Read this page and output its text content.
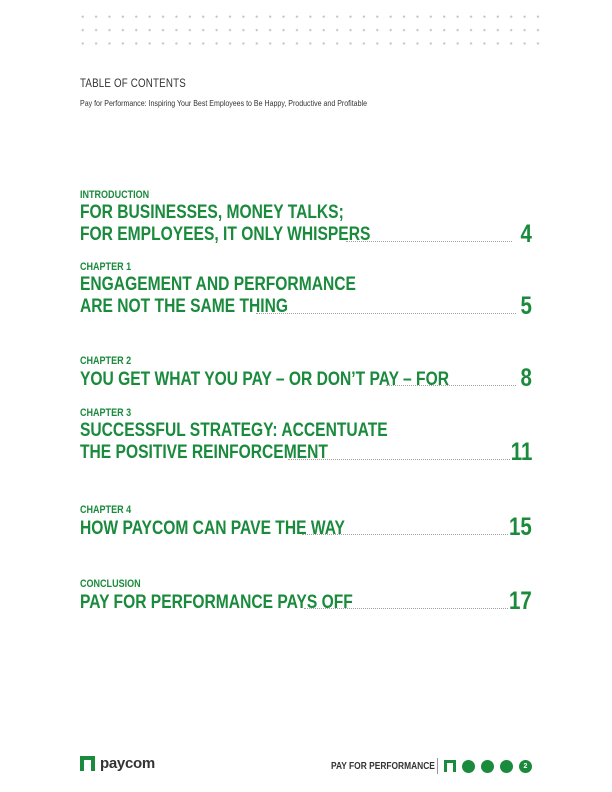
TABLE OF CONTENTS
Pay for Performance: Inspiring Your Best Employees to Be Happy, Productive and Profitable
INTRODUCTION
FOR BUSINESSES, MONEY TALKS;
FOR EMPLOYEES, IT ONLY WHISPERS	4
CHAPTER 1
ENGAGEMENT AND PERFORMANCE
ARE NOT THE SAME THING	5
CHAPTER 2
YOU GET WHAT YOU PAY – OR DON’T PAY – FOR	8
CHAPTER 3
SUCCESSFUL STRATEGY: ACCENTUATE
THE POSITIVE REINFORCEMENT	11
CHAPTER 4
HOW PAYCOM CAN PAVE THE WAY	15
CONCLUSION
PAY FOR PERFORMANCE PAYS OFF	17
paycom	PAY FOR PERFORMANCE	2
